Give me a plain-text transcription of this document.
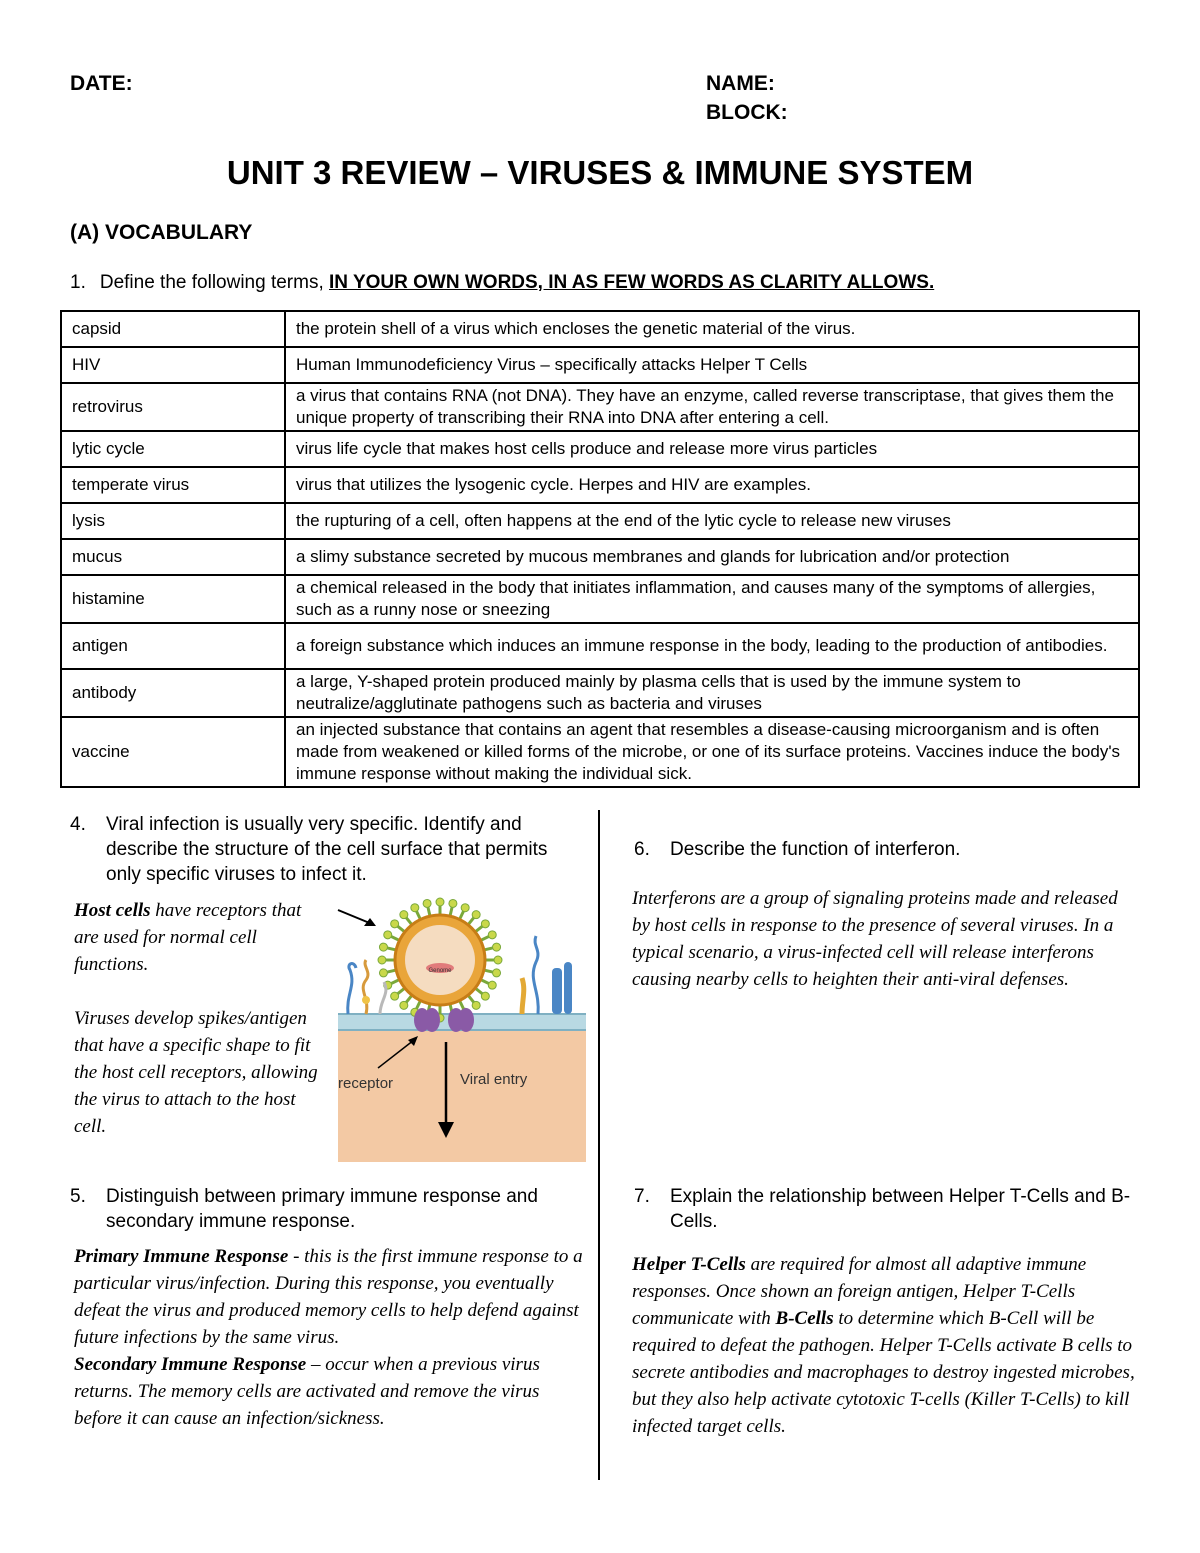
DATE:	NAME:
BLOCK:
UNIT 3 REVIEW – VIRUSES & IMMUNE SYSTEM
(A) VOCABULARY
1. Define the following terms, IN YOUR OWN WORDS, IN AS FEW WORDS AS CLARITY ALLOWS.
capsid	the protein shell of a virus which encloses the genetic material of the virus.
HIV	Human Immunodeficiency Virus – specifically attacks Helper T Cells
retrovirus	a virus that contains RNA (not DNA). They have an enzyme, called reverse transcriptase, that gives them the unique property of transcribing their RNA into DNA after entering a cell.
lytic cycle	virus life cycle that makes host cells produce and release more virus particles
temperate virus	virus that utilizes the lysogenic cycle. Herpes and HIV are examples.
lysis	the rupturing of a cell, often happens at the end of the lytic cycle to release new viruses
mucus	a slimy substance secreted by mucous membranes and glands for lubrication and/or protection
histamine	a chemical released in the body that initiates inflammation, and causes many of the symptoms of allergies, such as a runny nose or sneezing
antigen	a foreign substance which induces an immune response in the body, leading to the production of antibodies.
antibody	a large, Y-shaped protein produced mainly by plasma cells that is used by the immune system to neutralize/agglutinate pathogens such as bacteria and viruses
vaccine	an injected substance that contains an agent that resembles a disease-causing microorganism and is often made from weakened or killed forms of the microbe, or one of its surface proteins. Vaccines induce the body's immune response without making the individual sick.
4.	Viral infection is usually very specific. Identify and describe the structure of the cell surface that permits only specific viruses to infect it.
Host cells have receptors that are used for normal cell functions.
Viruses develop spikes/antigen that have a specific shape to fit the host cell receptors, allowing the virus to attach to the host cell.
Genome
receptor	Viral entry
5.	Distinguish between primary immune response and secondary immune response.
Primary Immune Response - this is the first immune response to a particular virus/infection. During this response, you eventually defeat the virus and produced memory cells to help defend against future infections by the same virus.
Secondary Immune Response – occur when a previous virus returns. The memory cells are activated and remove the virus before it can cause an infection/sickness.
6.	Describe the function of interferon.
Interferons are a group of signaling proteins made and released by host cells in response to the presence of several viruses. In a typical scenario, a virus-infected cell will release interferons causing nearby cells to heighten their anti-viral defenses.
7.	Explain the relationship between Helper T-Cells and B-Cells.
Helper T-Cells are required for almost all adaptive immune responses. Once shown an foreign antigen, Helper T-Cells communicate with B-Cells to determine which B-Cell will be required to defeat the pathogen. Helper T-Cells activate B cells to secrete antibodies and macrophages to destroy ingested microbes, but they also help activate cytotoxic T-cells (Killer T-Cells) to kill infected target cells.
